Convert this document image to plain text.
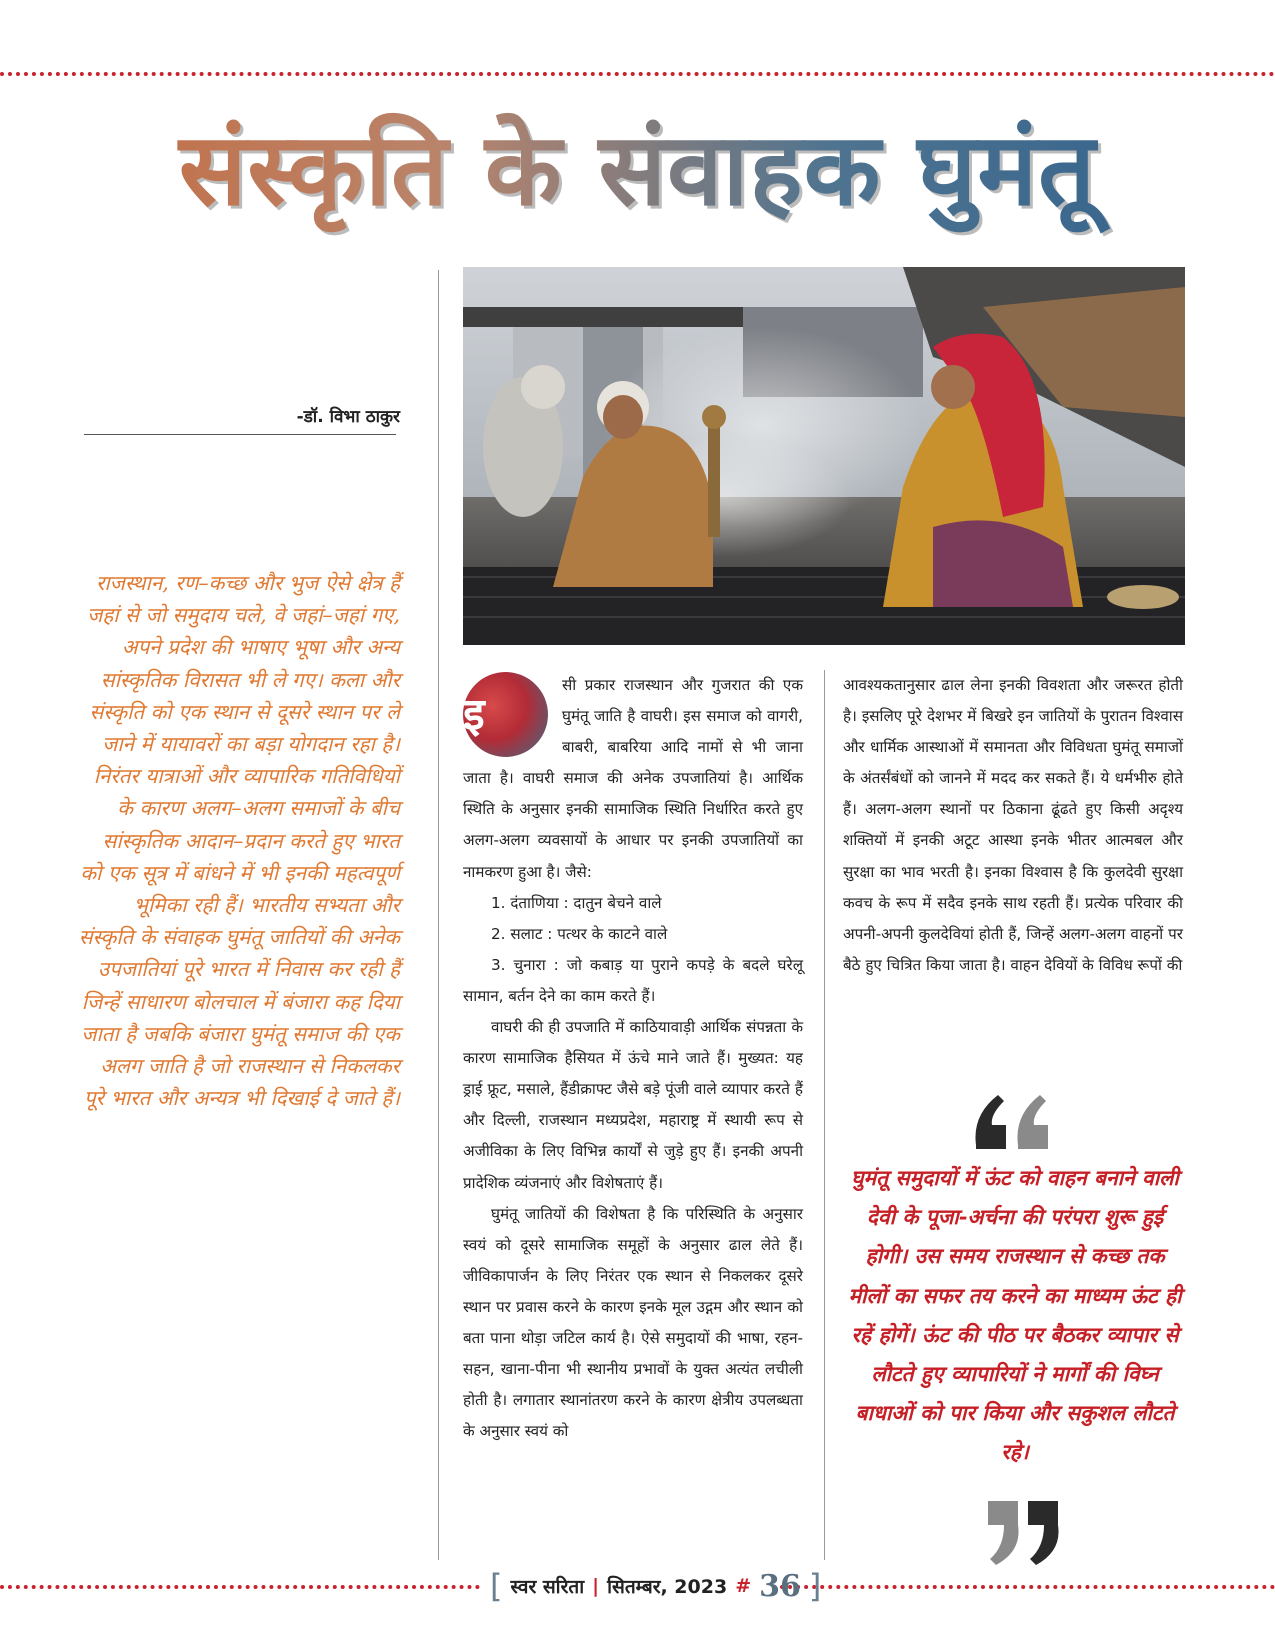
संस्कृति के संवाहक घुमंतू
-डॉ. विभा ठाकुर
राजस्थान, रण–कच्छ और भुज ऐसे क्षेत्र हैं जहां से जो समुदाय चले, वे जहां–जहां गए, अपने प्रदेश की भाषाए भूषा और अन्य सांस्कृतिक विरासत भी ले गए। कला और संस्कृति को एक स्थान से दूसरे स्थान पर ले जाने में यायावरों का बड़ा योगदान रहा है। निरंतर यात्राओं और व्यापारिक गतिविधियों के कारण अलग–अलग समाजों के बीच सांस्कृतिक आदान–प्रदान करते हुए भारत को एक सूत्र में बांधने में भी इनकी महत्वपूर्ण भूमिका रही हैं। भारतीय सभ्यता और संस्कृति के संवाहक घुमंतू जातियों की अनेक उपजातियां पूरे भारत में निवास कर रही हैं जिन्हें साधारण बोलचाल में बंजारा कह दिया जाता है जबकि बंजारा घुमंतू समाज की एक अलग जाति है जो राजस्थान से निकलकर पूरे भारत और अन्यत्र भी दिखाई दे जाते हैं।
इ

सी प्रकार राजस्थान और गुजरात की एक घुमंतू जाति है वाघरी। इस समाज को वागरी, बाबरी, बाबरिया आदि नामों से भी जाना जाता है। वाघरी समाज की अनेक उपजातियां है। आर्थिक स्थिति के अनुसार इनकी सामाजिक स्थिति निर्धारित करते हुए अलग-अलग व्यवसायों के आधार पर इनकी उपजातियों का नामकरण हुआ है। जैसे:

1. दंताणिया : दातुन बेचने वाले

2. सलाट : पत्थर के काटने वाले

3. चुनारा : जो कबाड़ या पुराने कपड़े के बदले घरेलू सामान, बर्तन देने का काम करते हैं।

वाघरी की ही उपजाति में काठियावाड़ी आर्थिक संपन्नता के कारण सामाजिक हैसियत में ऊंचे माने जाते हैं। मुख्यत: यह ड्राई फ्रूट, मसाले, हैंडीक्राफ्ट जैसे बड़े पूंजी वाले व्यापार करते हैं और दिल्ली, राजस्थान मध्यप्रदेश, महाराष्ट्र में स्थायी रूप से अजीविका के लिए विभिन्न कार्यों से जुड़े हुए हैं। इनकी अपनी प्रादेशिक व्यंजनाएं और विशेषताएं हैं।

घुमंतू जातियों की विशेषता है कि परिस्थिति के अनुसार स्वयं को दूसरे सामाजिक समूहों के अनुसार ढाल लेते हैं। जीविकापार्जन के लिए निरंतर एक स्थान से निकलकर दूसरे स्थान पर प्रवास करने के कारण इनके मूल उद्गम और स्थान को बता पाना थोड़ा जटिल कार्य है। ऐसे समुदायों की भाषा, रहन-सहन, खाना-पीना भी स्थानीय प्रभावों के युक्त अत्यंत लचीली होती है। लगातार स्थानांतरण करने के कारण क्षेत्रीय उपलब्धता के अनुसार स्वयं को

आवश्यकतानुसार ढाल लेना इनकी विवशता और जरूरत होती है। इसलिए पूरे देशभर में बिखरे इन जातियों के पुरातन विश्वास और धार्मिक आस्थाओं में समानता और विविधता घुमंतू समाजों के अंतर्संबंधों को जानने में मदद कर सकते हैं। ये धर्मभीरु होते हैं। अलग-अलग स्थानों पर ठिकाना ढूंढते हुए किसी अदृश्य शक्तियों में इनकी अटूट आस्था इनके भीतर आत्मबल और सुरक्षा का भाव भरती है। इनका विश्वास है कि कुलदेवी सुरक्षा कवच के रूप में सदैव इनके साथ रहती हैं। प्रत्येक परिवार की अपनी-अपनी कुलदेवियां होती हैं, जिन्हें अलग-अलग वाहनों पर बैठे हुए चित्रित किया जाता है। वाहन देवियों के विविध रूपों की

घुमंतू समुदायों में ऊंट को वाहन बनाने वाली देवी के पूजा-अर्चना की परंपरा शुरू हुई होगी। उस समय राजस्थान से कच्छ तक मीलों का सफर तय करने का माध्यम ऊंट ही रहें होगें। ऊंट की पीठ पर बैठकर व्यापार से लौटते हुए व्यापारियों ने मार्गों की विघ्न बाधाओं को पार किया और सकुशल लौटते रहे।
[ स्वर सरिता | सितम्बर, 2023 # 36 ]
